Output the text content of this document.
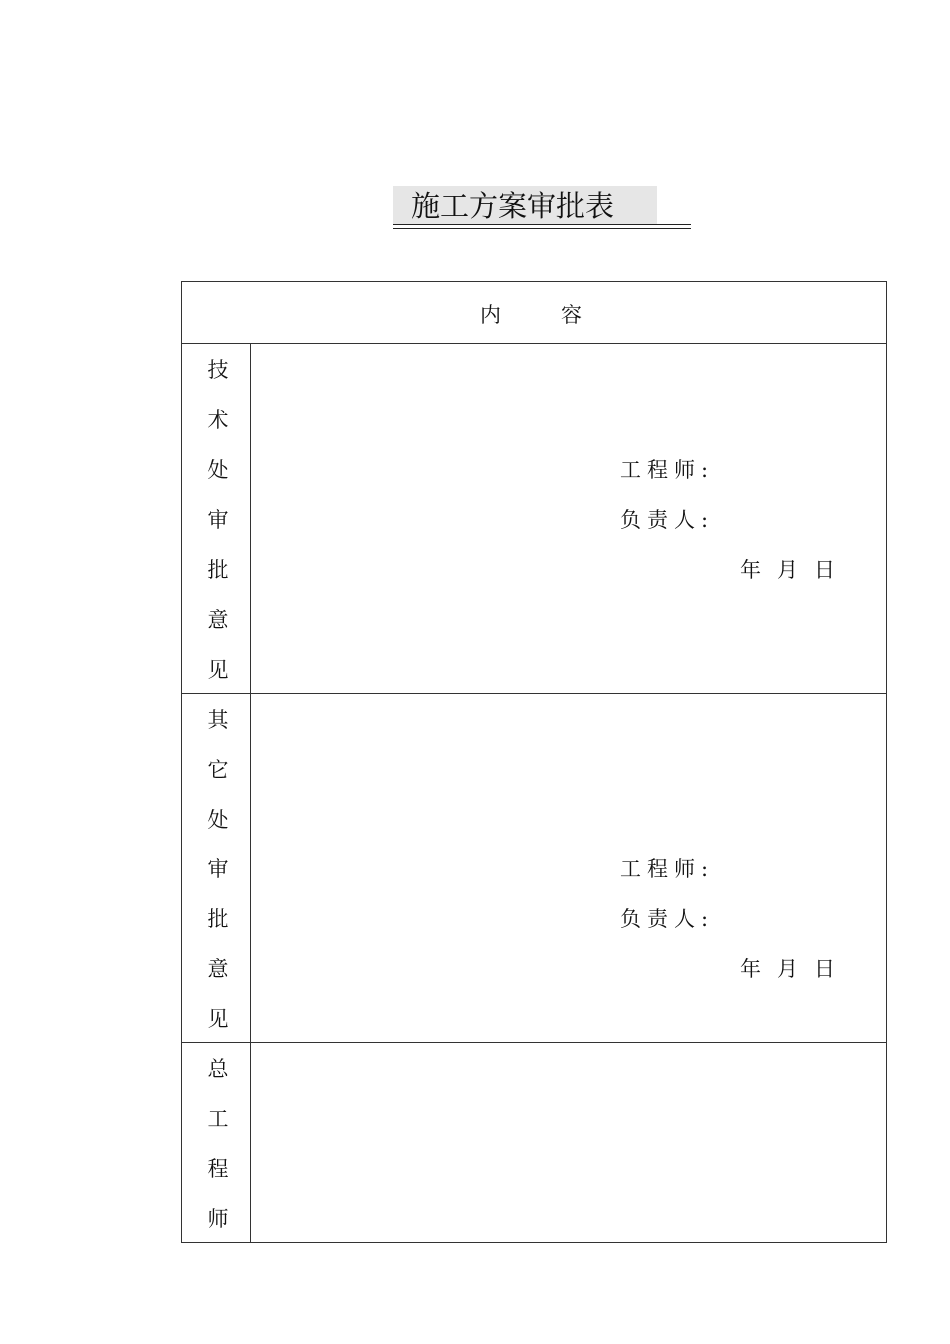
施工方案审批表
内容
技
术
处
审
批
意
见
工程师:
负责人:
年 月 日
其
它
处
审
批
意
见
工程师:
负责人:
年 月 日
总
工
程
师
